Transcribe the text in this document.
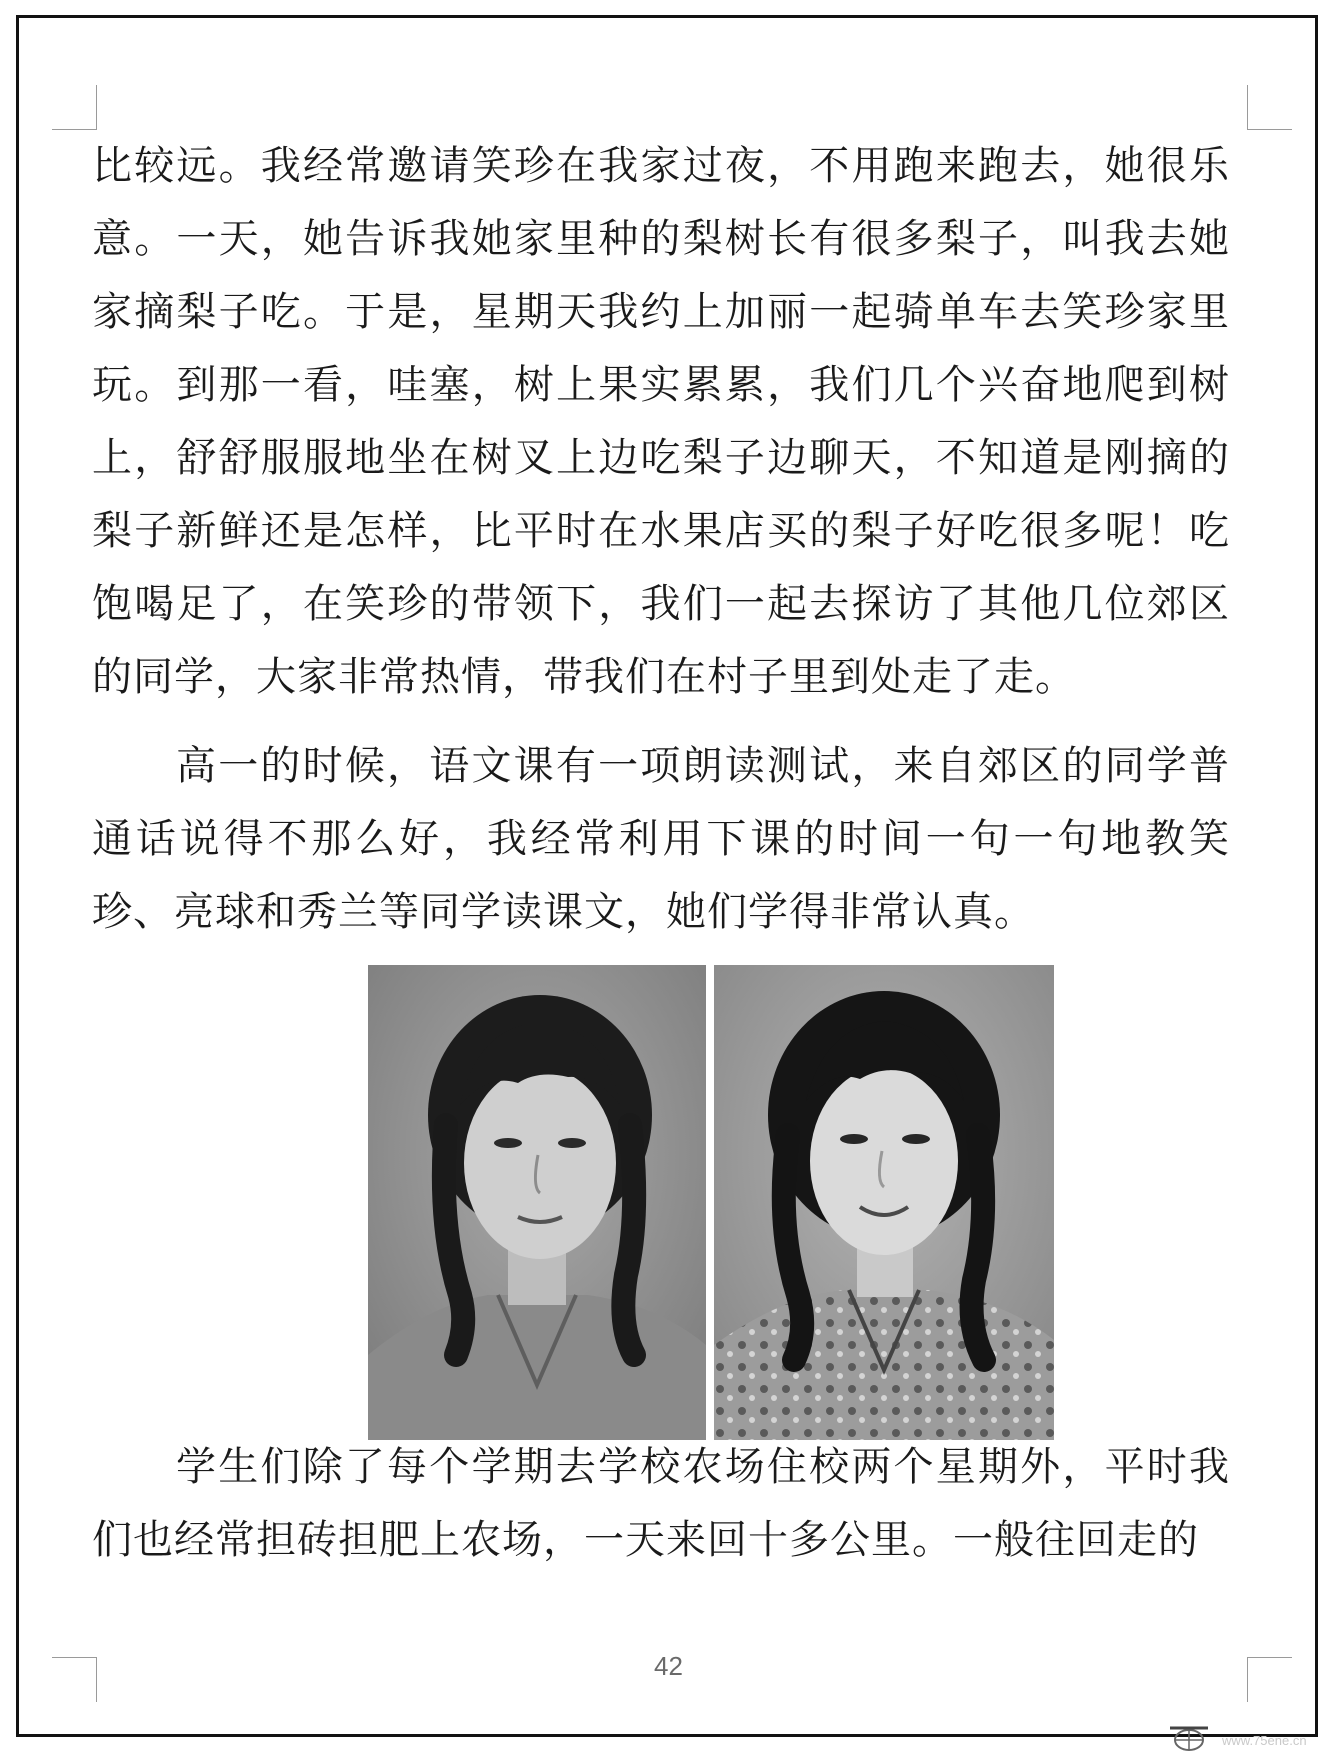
比较远。我经常邀请笑珍在我家过夜，不用跑来跑去，她很乐意。一天，她告诉我她家里种的梨树长有很多梨子，叫我去她家摘梨子吃。于是，星期天我约上加丽一起骑单车去笑珍家里玩。到那一看，哇塞，树上果实累累，我们几个兴奋地爬到树上，舒舒服服地坐在树叉上边吃梨子边聊天，不知道是刚摘的梨子新鲜还是怎样，比平时在水果店买的梨子好吃很多呢！吃饱喝足了，在笑珍的带领下，我们一起去探访了其他几位郊区的同学，大家非常热情，带我们在村子里到处走了走。
高一的时候，语文课有一项朗读测试，来自郊区的同学普通话说得不那么好，我经常利用下课的时间一句一句地教笑珍、亮球和秀兰等同学读课文，她们学得非常认真。
学生们除了每个学期去学校农场住校两个星期外，平时我们也经常担砖担肥上农场，一天来回十多公里。一般往回走的
42
www.75ene.cn
